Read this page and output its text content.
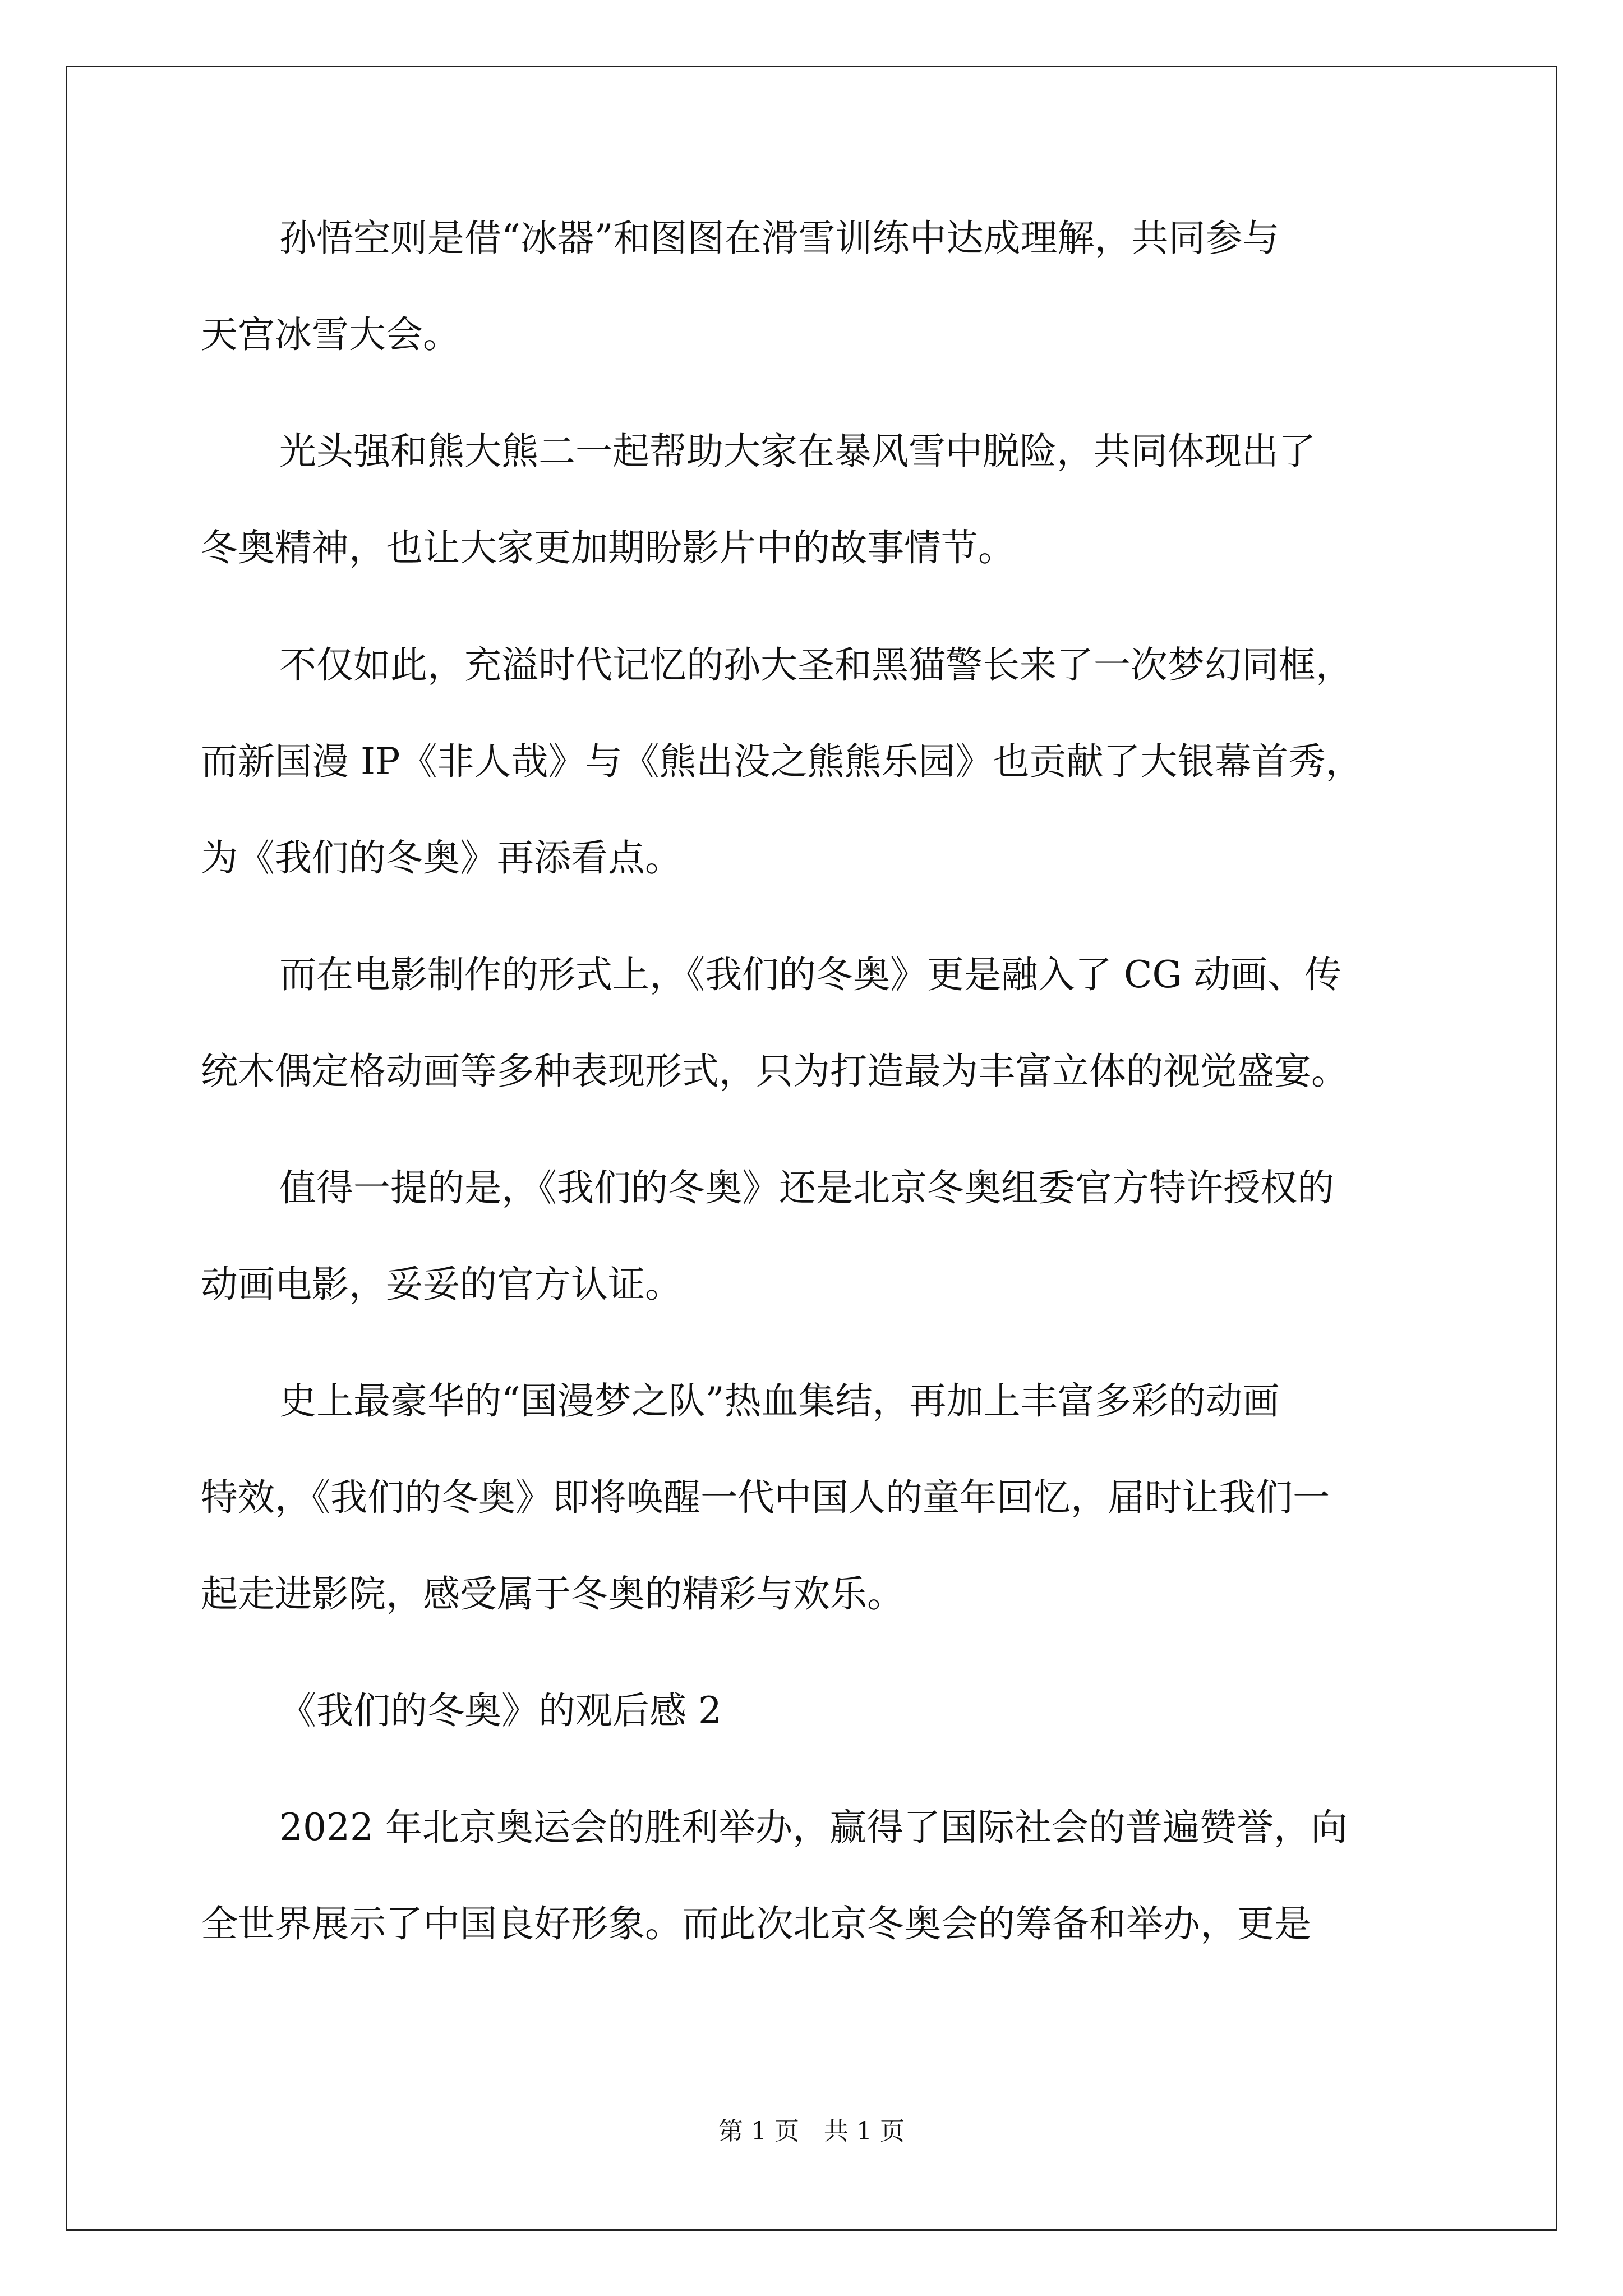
孙悟空则是借“冰器”和图图在滑雪训练中达成理解，共同参与
天宫冰雪大会。
光头强和熊大熊二一起帮助大家在暴风雪中脱险，共同体现出了
冬奥精神，也让大家更加期盼影片中的故事情节。
不仅如此，充溢时代记忆的孙大圣和黑猫警长来了一次梦幻同框，
而新国漫 IP《非人哉》与《熊出没之熊熊乐园》也贡献了大银幕首秀，
为《我们的冬奥》再添看点。
而在电影制作的形式上，《我们的冬奥》更是融入了 CG 动画、传
统木偶定格动画等多种表现形式，只为打造最为丰富立体的视觉盛宴。
值得一提的是，《我们的冬奥》还是北京冬奥组委官方特许授权的
动画电影，妥妥的官方认证。
史上最豪华的“国漫梦之队”热血集结，再加上丰富多彩的动画
特效，《我们的冬奥》即将唤醒一代中国人的童年回忆，届时让我们一
起走进影院，感受属于冬奥的精彩与欢乐。
《我们的冬奥》的观后感 2
2022 年北京奥运会的胜利举办，赢得了国际社会的普遍赞誉，向
全世界展示了中国良好形象。而此次北京冬奥会的筹备和举办，更是
第 1 页 共 1 页
